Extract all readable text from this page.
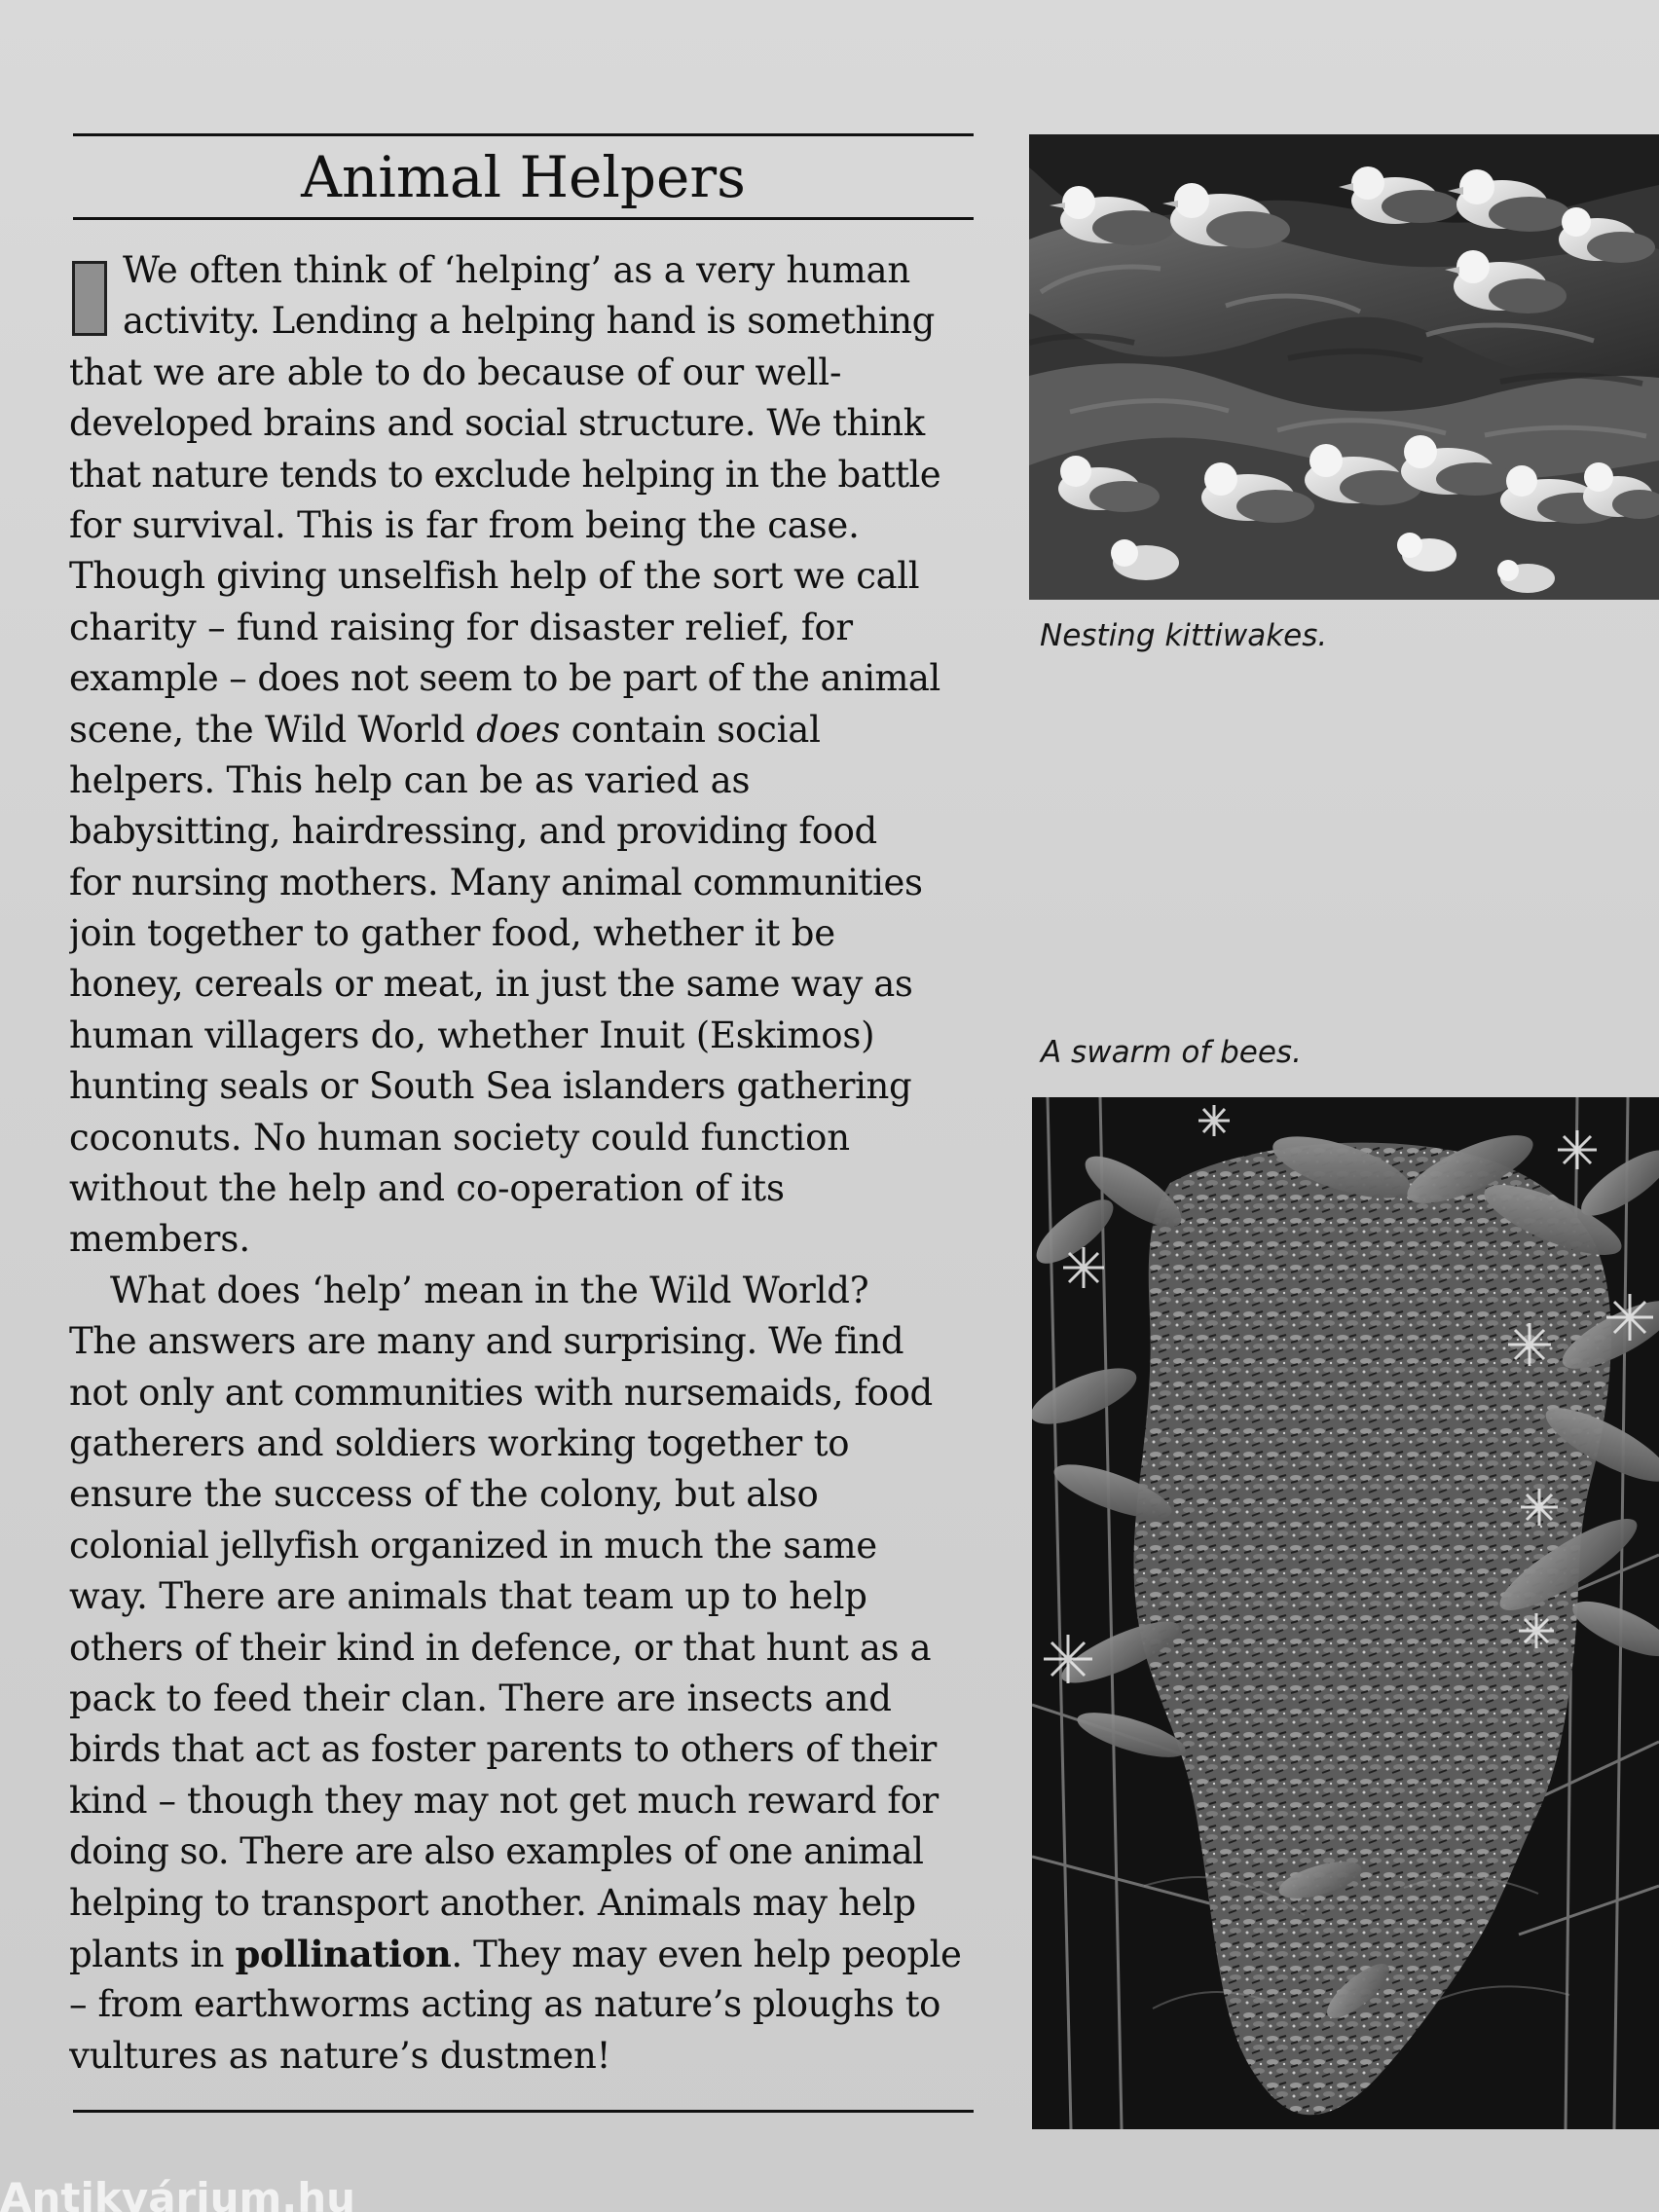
Animal Helpers
We often think of ‘helping’ as a very human
activity. Lending a helping hand is something
that we are able to do because of our well-
developed brains and social structure. We think
that nature tends to exclude helping in the battle
for survival. This is far from being the case.
Though giving unselfish help of the sort we call
charity – fund raising for disaster relief, for
example – does not seem to be part of the animal
scene, the Wild World does contain social
helpers. This help can be as varied as
babysitting, hairdressing, and providing food
for nursing mothers. Many animal communities
join together to gather food, whether it be
honey, cereals or meat, in just the same way as
human villagers do, whether Inuit (Eskimos)
hunting seals or South Sea islanders gathering
coconuts. No human society could function
without the help and co-operation of its
members.
What does ‘help’ mean in the Wild World?
The answers are many and surprising. We find
not only ant communities with nursemaids, food
gatherers and soldiers working together to
ensure the success of the colony, but also
colonial jellyfish organized in much the same
way. There are animals that team up to help
others of their kind in defence, or that hunt as a
pack to feed their clan. There are insects and
birds that act as foster parents to others of their
kind – though they may not get much reward for
doing so. There are also examples of one animal
helping to transport another. Animals may help
plants in pollination. They may even help people
– from earthworms acting as nature’s ploughs to
vultures as nature’s dustmen!
Nesting kittiwakes.
A swarm of bees.
Antikvárium.hu
